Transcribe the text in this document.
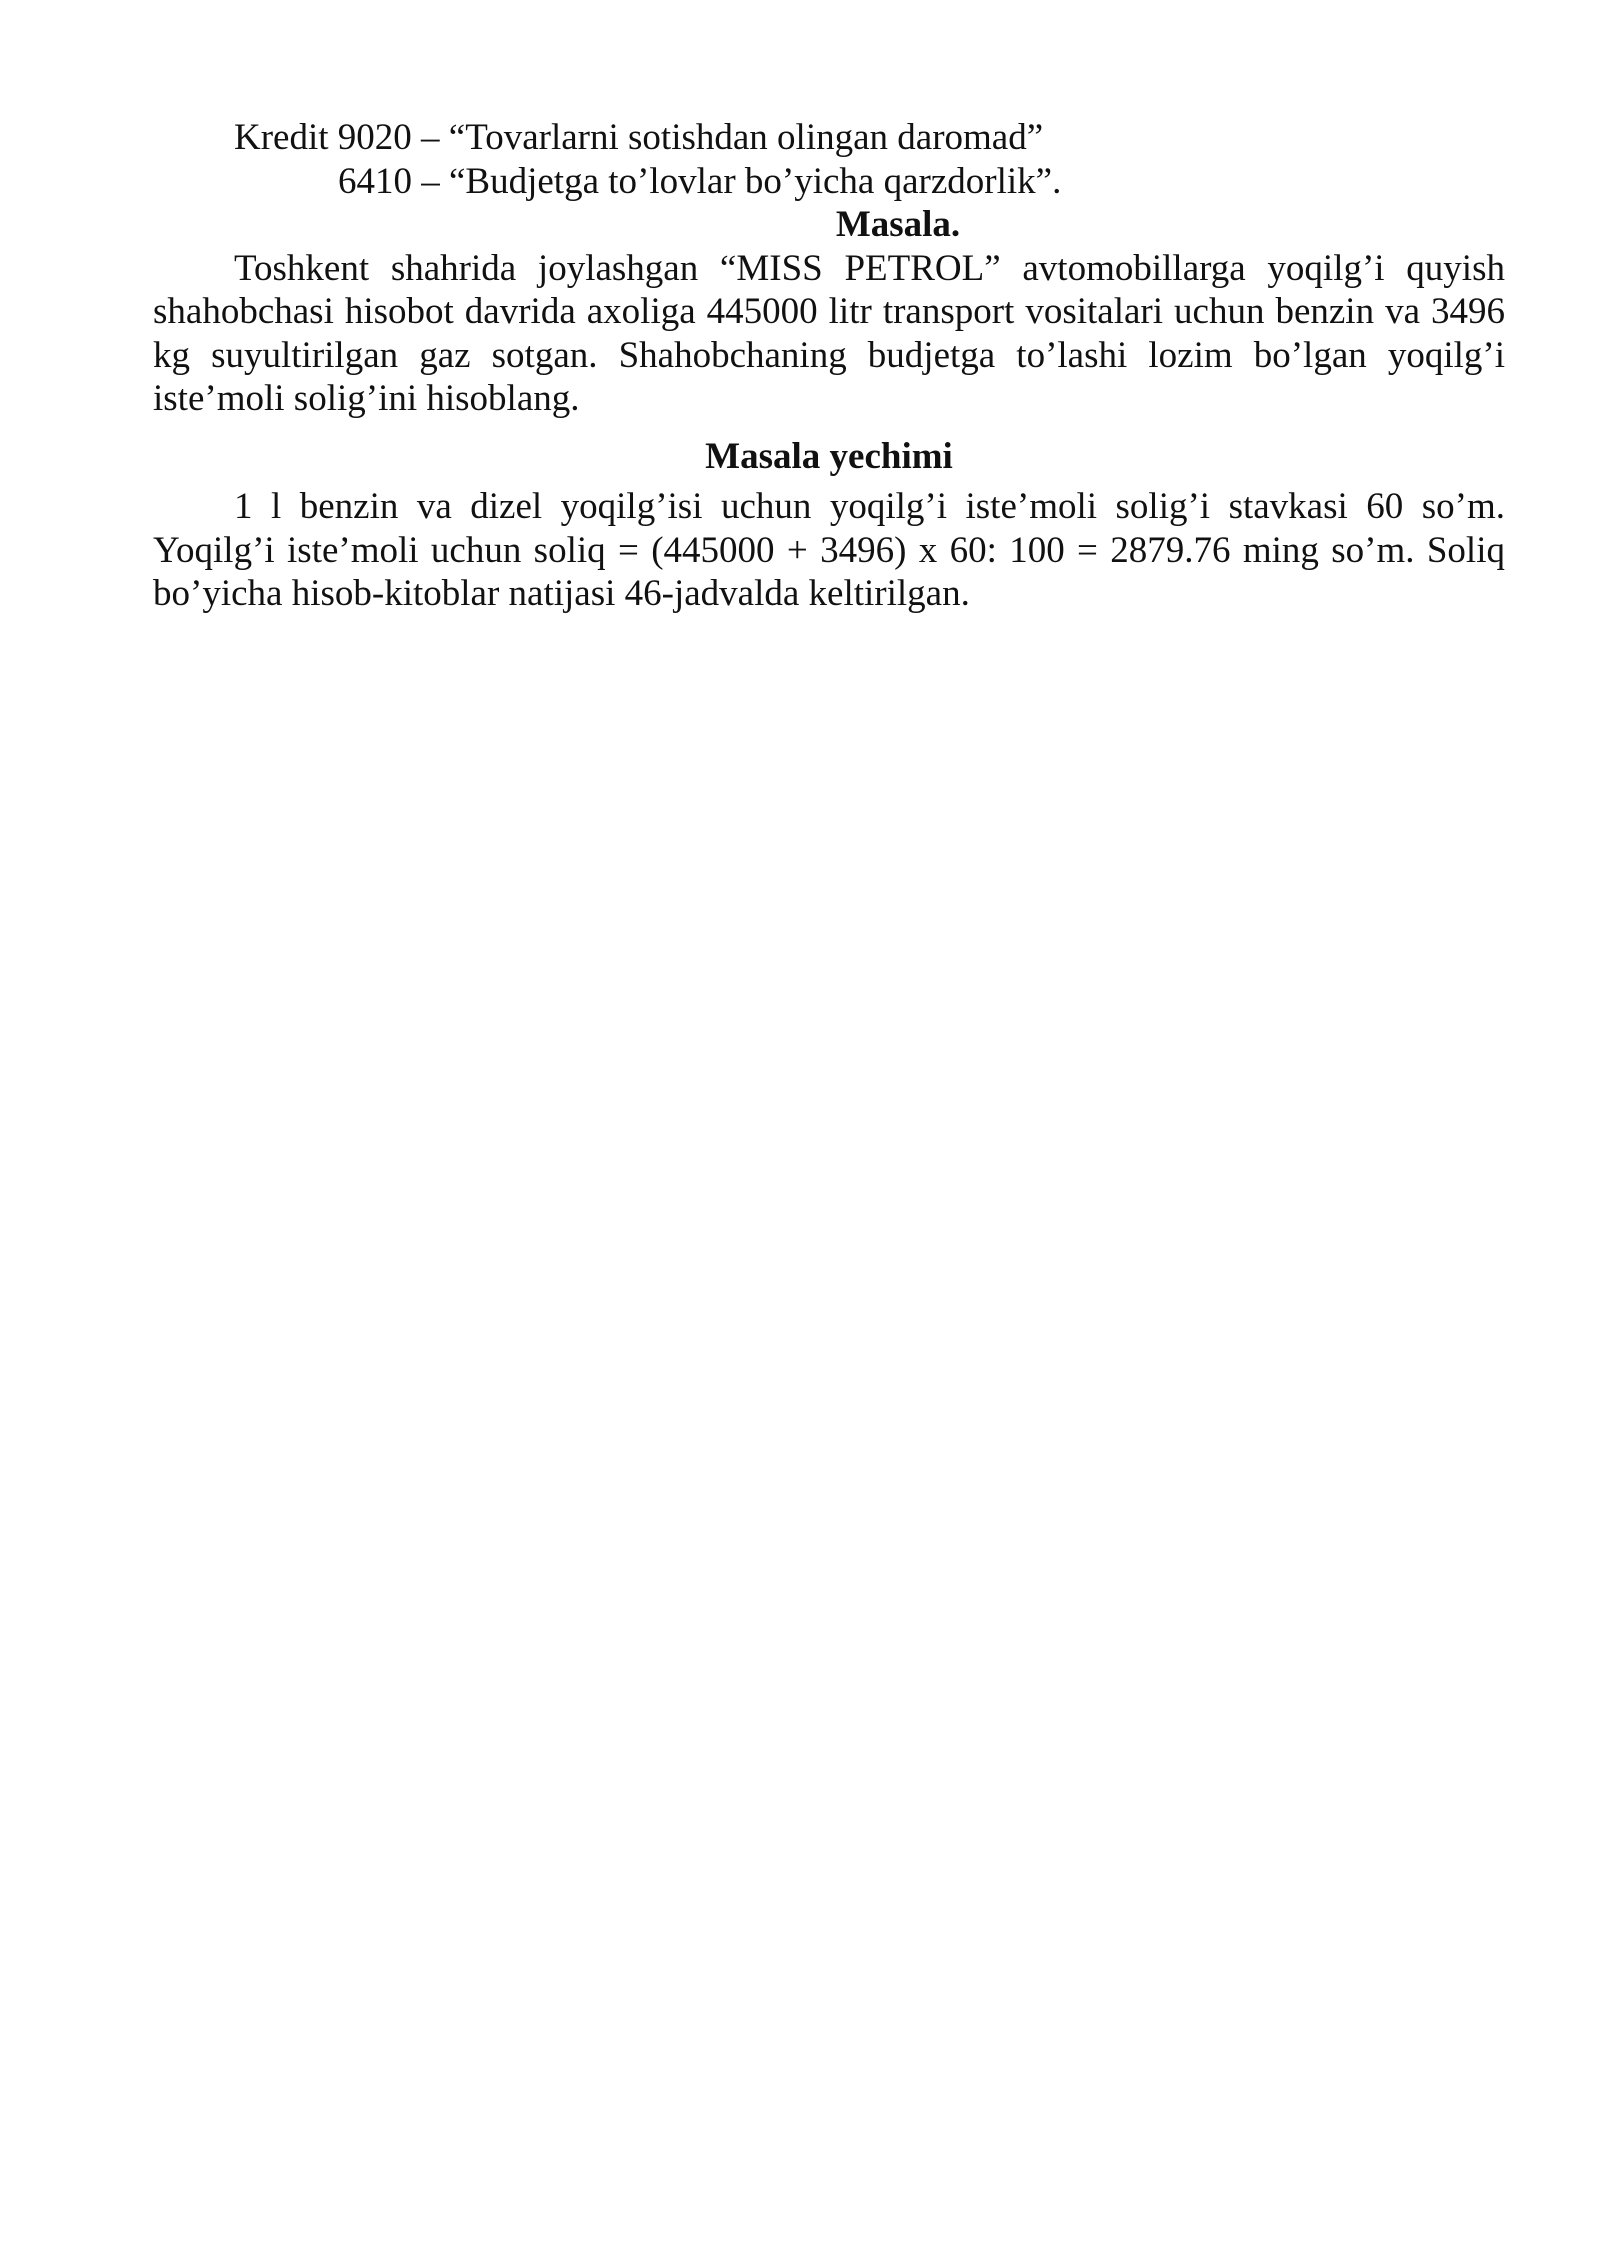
Kredit 9020 – “Tovarlarni sotishdan olingan daromad”
6410 – “Budjetga to’lovlar bo’yicha qarzdorlik”.
Masala.

Toshkent shahrida joylashgan “MISS PETROL” avtomobillarga yoqilg’i quyish shahobchasi hisobot davrida axoliga 445000 litr transport vositalari uchun benzin va 3496 kg suyultirilgan gaz sotgan. Shahobchaning budjetga to’lashi lozim bo’lgan yoqilg’i iste’moli solig’ini hisoblang.

Masala yechimi

1 l benzin va dizel yoqilg’isi uchun yoqilg’i iste’moli solig’i stavkasi 60 so’m. Yoqilg’i iste’moli uchun soliq = (445000 + 3496) x 60: 100 = 2879.76 ming so’m. Soliq bo’yicha hisob-kitoblar natijasi 46-jadvalda keltirilgan.
